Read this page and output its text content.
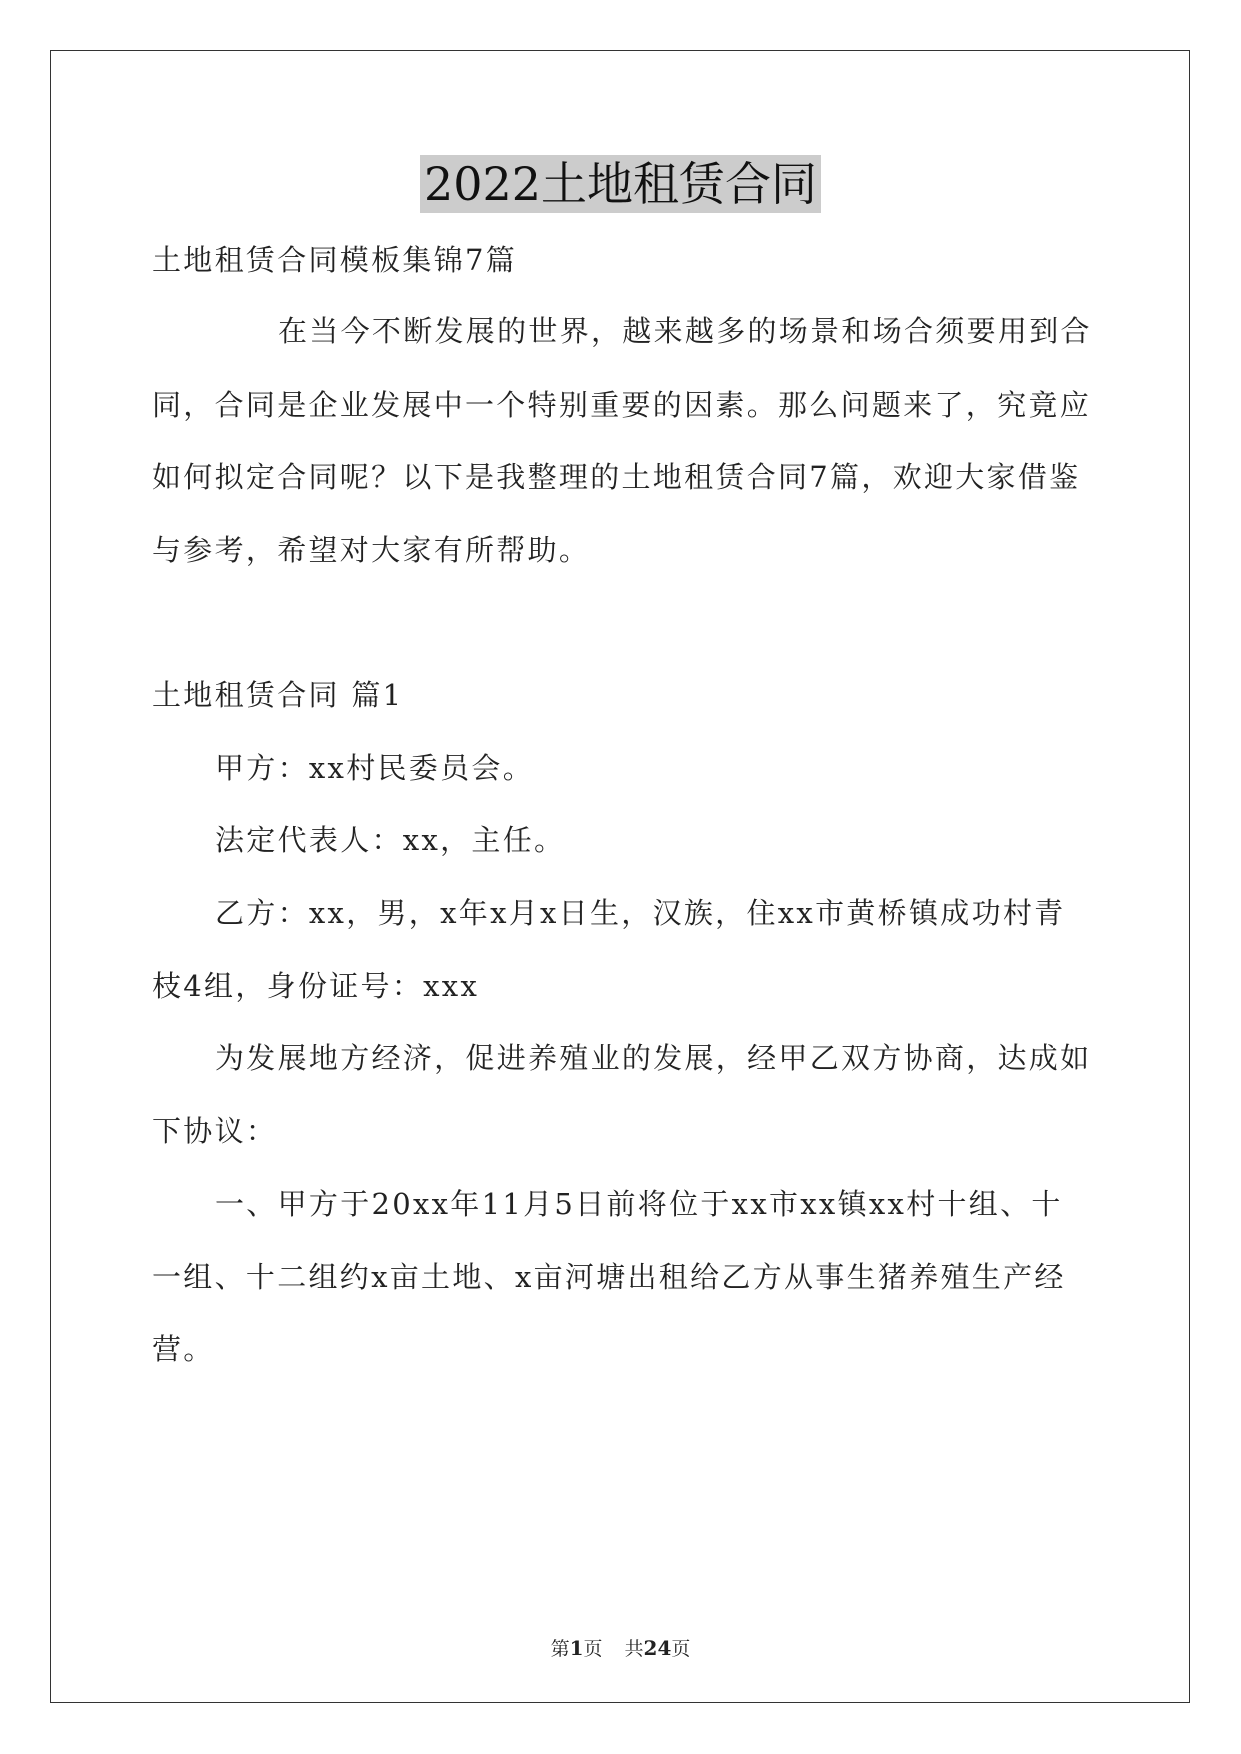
2022土地租赁合同
土地租赁合同模板集锦7篇
在当今不断发展的世界，越来越多的场景和场合须要用到合
同，合同是企业发展中一个特别重要的因素。那么问题来了，究竟应
如何拟定合同呢？以下是我整理的土地租赁合同7篇，欢迎大家借鉴
与参考，希望对大家有所帮助。
土地租赁合同 篇1
甲方：xx村民委员会。
法定代表人：xx，主任。
乙方：xx，男，x年x月x日生，汉族，住xx市黄桥镇成功村青
枝4组，身份证号：xxx
为发展地方经济，促进养殖业的发展，经甲乙双方协商，达成如
下协议：
一、甲方于20xx年11月5日前将位于xx市xx镇xx村十组、十
一组、十二组约x亩土地、x亩河塘出租给乙方从事生猪养殖生产经
营。
第1页 共24页
